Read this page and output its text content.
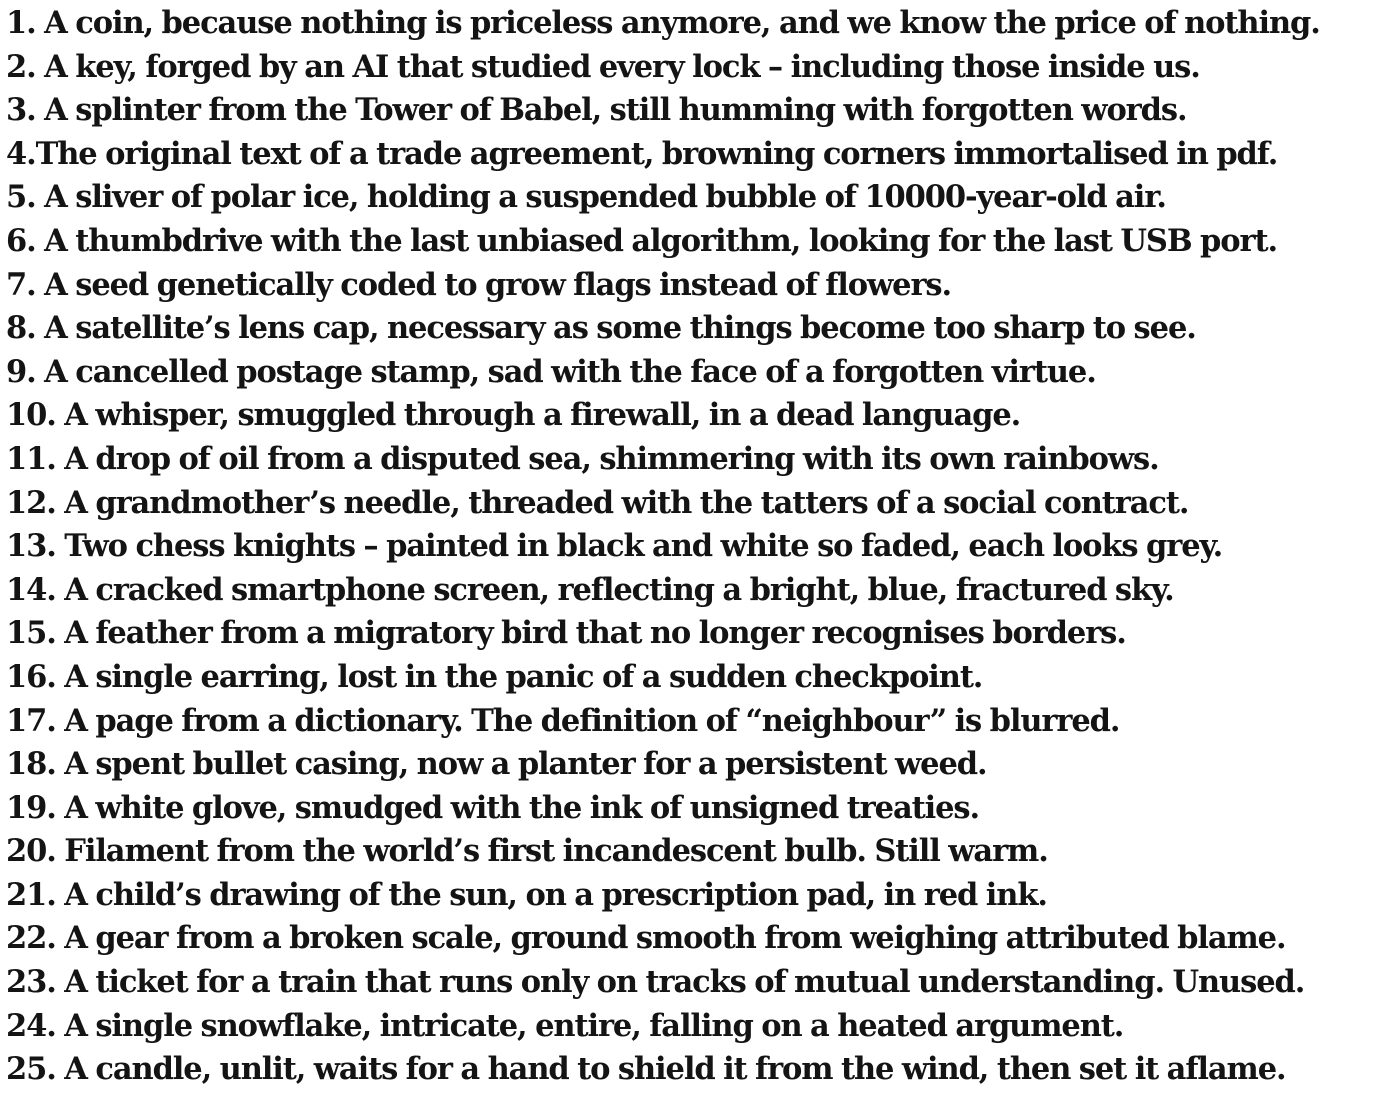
1. A coin, because nothing is priceless anymore, and we know the price of nothing.
2. A key, forged by an AI that studied every lock – including those inside us.
3. A splinter from the Tower of Babel, still humming with forgotten words.
4.The original text of a trade agreement, browning corners immortalised in pdf.
5. A sliver of polar ice, holding a suspended bubble of 10000-year-old air.
6. A thumbdrive with the last unbiased algorithm, looking for the last USB port.
7. A seed genetically coded to grow flags instead of flowers.
8. A satellite’s lens cap, necessary as some things become too sharp to see.
9. A cancelled postage stamp, sad with the face of a forgotten virtue.
10. A whisper, smuggled through a firewall, in a dead language.
11. A drop of oil from a disputed sea, shimmering with its own rainbows.
12. A grandmother’s needle, threaded with the tatters of a social contract.
13. Two chess knights – painted in black and white so faded, each looks grey.
14. A cracked smartphone screen, reflecting a bright, blue, fractured sky.
15. A feather from a migratory bird that no longer recognises borders.
16. A single earring, lost in the panic of a sudden checkpoint.
17. A page from a dictionary. The definition of “neighbour” is blurred.
18. A spent bullet casing, now a planter for a persistent weed.
19. A white glove, smudged with the ink of unsigned treaties.
20. Filament from the world’s first incandescent bulb. Still warm.
21. A child’s drawing of the sun, on a prescription pad, in red ink.
22. A gear from a broken scale, ground smooth from weighing attributed blame.
23. A ticket for a train that runs only on tracks of mutual understanding. Unused.
24. A single snowflake, intricate, entire, falling on a heated argument.
25. A candle, unlit, waits for a hand to shield it from the wind, then set it aflame.
